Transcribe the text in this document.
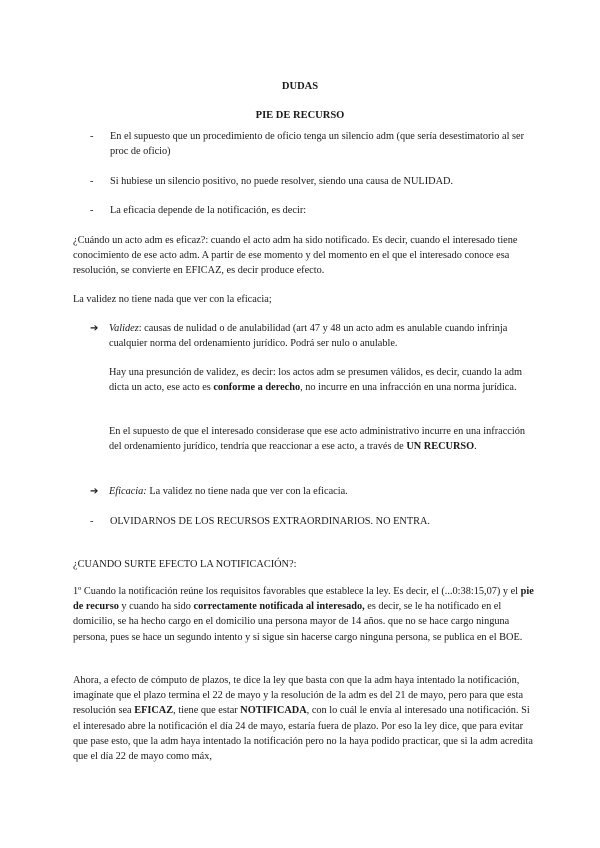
DUDAS
PIE DE RECURSO
- En el supuesto que un procedimiento de oficio tenga un silencio adm (que sería desestimatorio al ser proc de oficio)
- Si hubiese un silencio positivo, no puede resolver, siendo una causa de NULIDAD.
- La eficacia depende de la notificación, es decir:
¿Cuándo un acto adm es eficaz?: cuando el acto adm ha sido notificado. Es decir, cuando el interesado tiene conocimiento de ese acto adm. A partir de ese momento y del momento en el que el interesado conoce esa resolución, se convierte en EFICAZ, es decir produce efecto.
La validez no tiene nada que ver con la eficacia;
➔ Validez: causas de nulidad o de anulabilidad (art 47 y 48 un acto adm es anulable cuando infrinja cualquier norma del ordenamiento jurídico. Podrá ser nulo o anulable.
Hay una presunción de validez, es decir: los actos adm se presumen válidos, es decir, cuando la adm dicta un acto, ese acto es conforme a derecho, no incurre en una infracción en una norma jurídica.
En el supuesto de que el interesado considerase que ese acto administrativo incurre en una infracción del ordenamiento jurídico, tendría que reaccionar a ese acto, a través de UN RECURSO.
➔ Eficacia: La validez no tiene nada que ver con la eficacia.
- OLVIDARNOS DE LOS RECURSOS EXTRAORDINARIOS. NO ENTRA.
¿CUANDO SURTE EFECTO LA NOTIFICACIÓN?:
1º Cuando la notificación reúne los requisitos favorables que establece la ley. Es decir, el (...0:38:15,07) y el pie de recurso y cuando ha sido correctamente notificada al interesado, es decir, se le ha notificado en el domicilio, se ha hecho cargo en el domicilio una persona mayor de 14 años. que no se hace cargo ninguna persona, pues se hace un segundo intento y si sigue sin hacerse cargo ninguna persona, se publica en el BOE.
Ahora, a efecto de cómputo de plazos, te dice la ley que basta con que la adm haya intentado la notificación, imagínate que el plazo termina el 22 de mayo y la resolución de la adm es del 21 de mayo, pero para que esta resolución sea EFICAZ, tiene que estar NOTIFICADA, con lo cuál le envía al interesado una notificación. Si el interesado abre la notificación el día 24 de mayo, estaría fuera de plazo. Por eso la ley dice, que para evitar que pase esto, que la adm haya intentado la notificación pero no la haya podido practicar, que si la adm acredita que el día 22 de mayo como máx,
